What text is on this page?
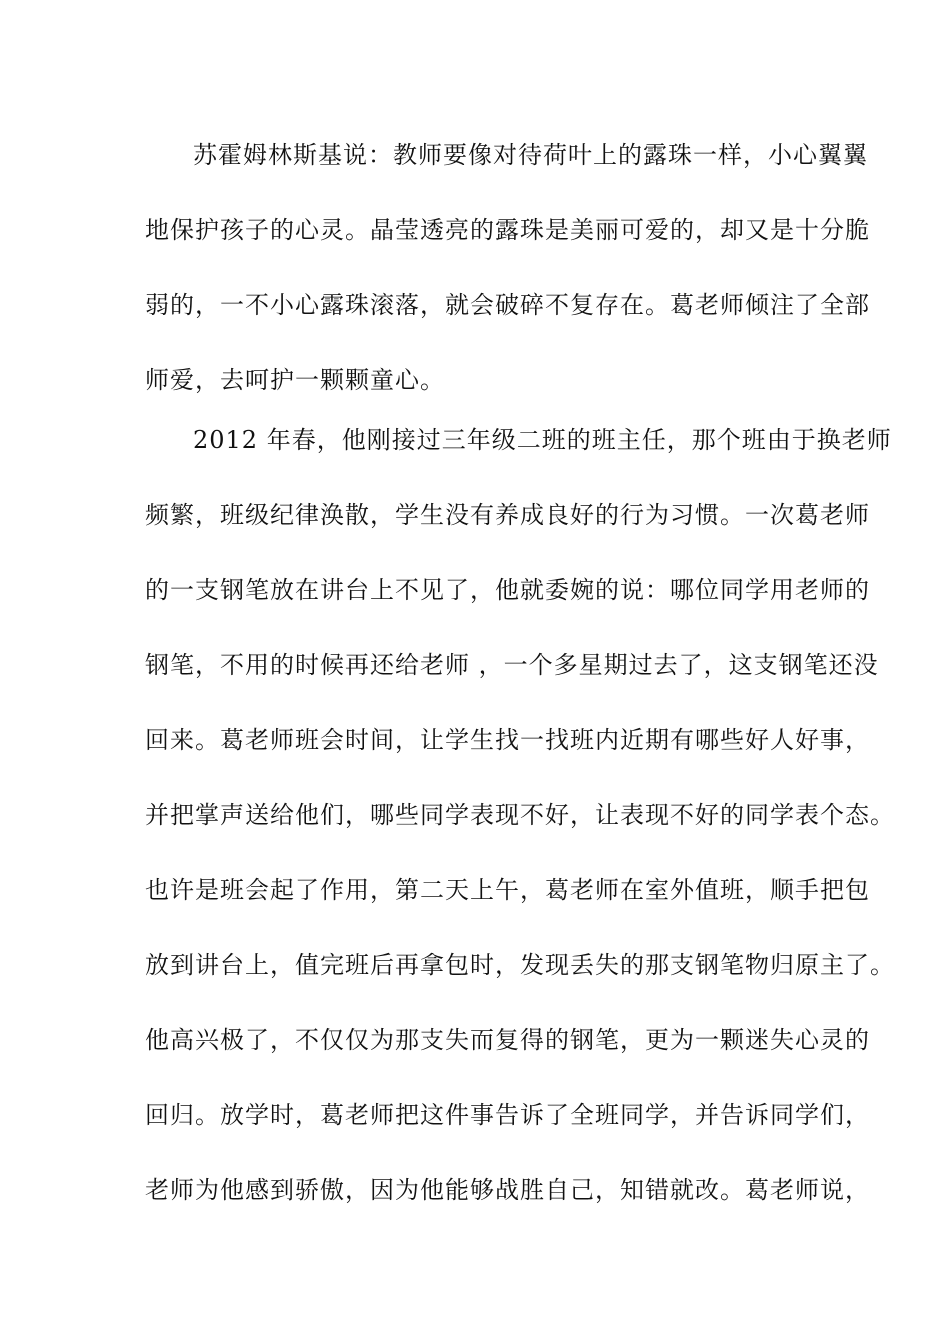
苏霍姆林斯基说：教师要像对待荷叶上的露珠一样，小心翼翼
地保护孩子的心灵。晶莹透亮的露珠是美丽可爱的，却又是十分脆
弱的，一不小心露珠滚落，就会破碎不复存在。葛老师倾注了全部
师爱，去呵护一颗颗童心。
2012 年春，他刚接过三年级二班的班主任，那个班由于换老师
频繁，班级纪律涣散，学生没有养成良好的行为习惯。一次葛老师
的一支钢笔放在讲台上不见了，他就委婉的说：哪位同学用老师的
钢笔，不用的时候再还给老师 ，一个多星期过去了，这支钢笔还没
回来。葛老师班会时间，让学生找一找班内近期有哪些好人好事，
并把掌声送给他们，哪些同学表现不好，让表现不好的同学表个态。
也许是班会起了作用，第二天上午，葛老师在室外值班，顺手把包
放到讲台上，值完班后再拿包时，发现丢失的那支钢笔物归原主了。
他高兴极了，不仅仅为那支失而复得的钢笔，更为一颗迷失心灵的
回归。放学时，葛老师把这件事告诉了全班同学，并告诉同学们，
老师为他感到骄傲，因为他能够战胜自己，知错就改。葛老师说，
